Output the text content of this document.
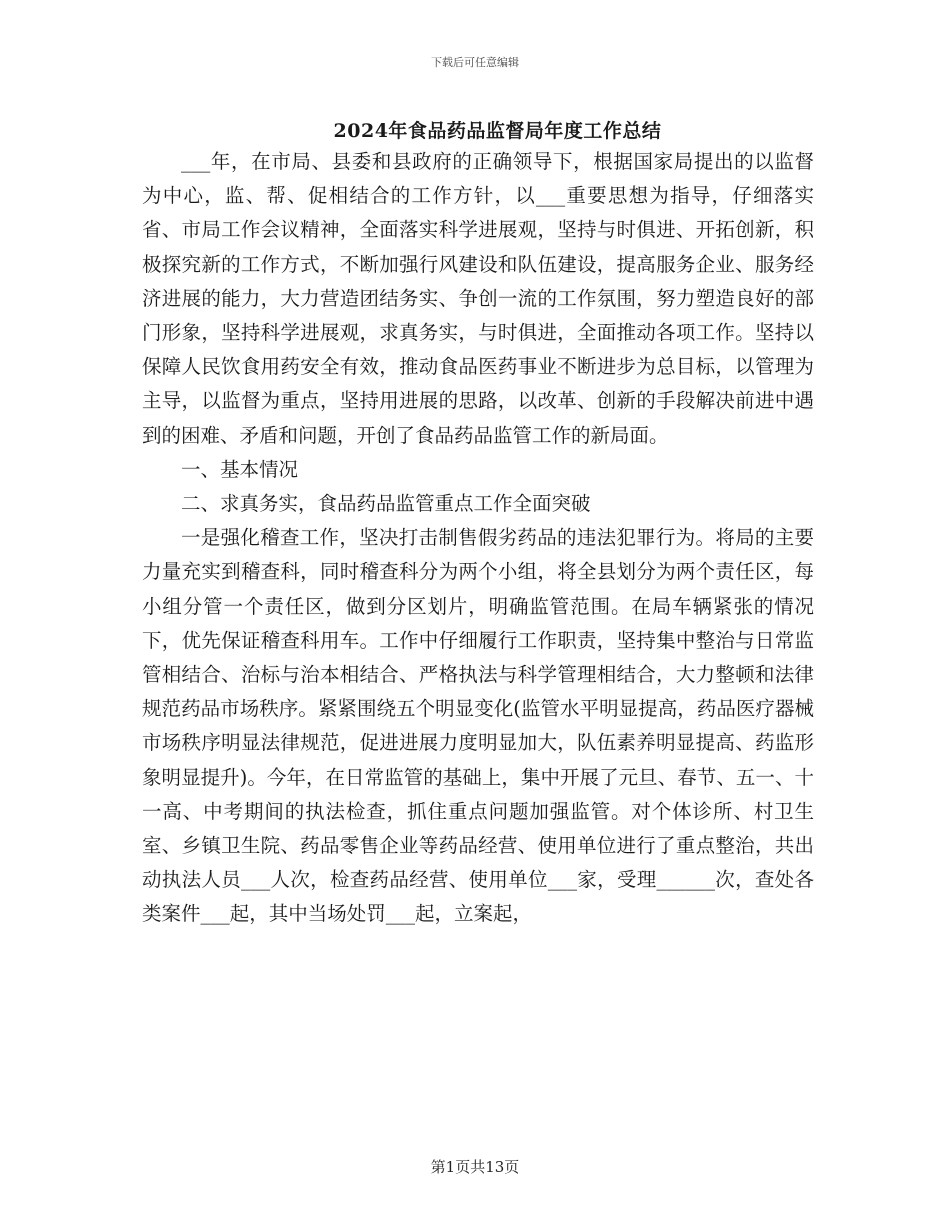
下载后可任意编辑
2024年食品药品监督局年度工作总结

___年，在市局、县委和县政府的正确领导下，根据国家局提出的以监督为中心，监、帮、促相结合的工作方针，以___重要思想为指导，仔细落实省、市局工作会议精神，全面落实科学进展观，坚持与时俱进、开拓创新，积极探究新的工作方式，不断加强行风建设和队伍建设，提高服务企业、服务经济进展的能力，大力营造团结务实、争创一流的工作氛围，努力塑造良好的部门形象，坚持科学进展观，求真务实，与时俱进，全面推动各项工作。坚持以保障人民饮食用药安全有效，推动食品医药事业不断进步为总目标，以管理为主导，以监督为重点，坚持用进展的思路，以改革、创新的手段解决前进中遇到的困难、矛盾和问题，开创了食品药品监管工作的新局面。

一、基本情况

二、求真务实，食品药品监管重点工作全面突破

一是强化稽查工作，坚决打击制售假劣药品的违法犯罪行为。将局的主要力量充实到稽查科，同时稽查科分为两个小组，将全县划分为两个责任区，每小组分管一个责任区，做到分区划片，明确监管范围。在局车辆紧张的情况下，优先保证稽查科用车。工作中仔细履行工作职责，坚持集中整治与日常监管相结合、治标与治本相结合、严格执法与科学管理相结合，大力整顿和法律规范药品市场秩序。紧紧围绕五个明显变化(监管水平明显提高，药品医疗器械市场秩序明显法律规范，促进进展力度明显加大，队伍素养明显提高、药监形象明显提升)。今年，在日常监管的基础上，集中开展了元旦、春节、五一、十一高、中考期间的执法检查，抓住重点问题加强监管。对个体诊所、村卫生室、乡镇卫生院、药品零售企业等药品经营、使用单位进行了重点整治，共出动执法人员___人次，检查药品经营、使用单位___家，受理______次，查处各类案件___起，其中当场处罚___起，立案起，

第1页共13页
